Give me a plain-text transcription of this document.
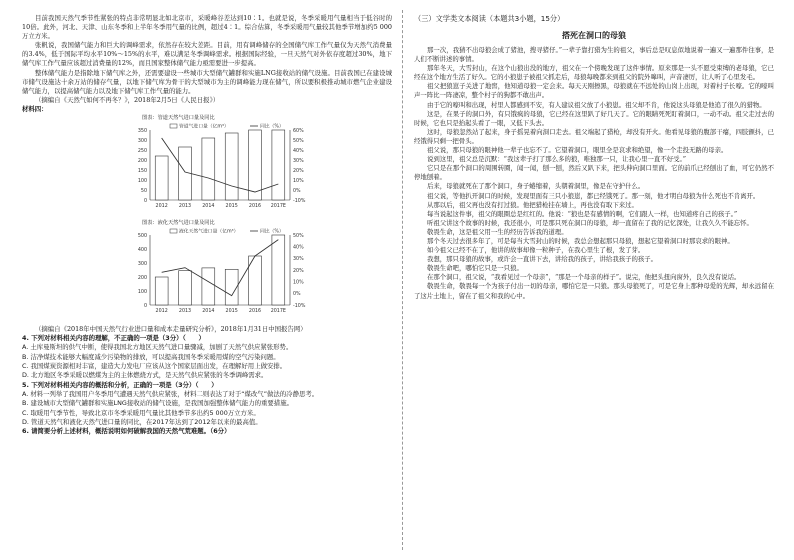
目前我国天然气季节性紧张的特点非常明显北如北京市，采暖峰谷差达到10∶1。也就是说，冬季采暖用气量相当于低谷时的10倍。此外，河北、天津、山东冬季和上半年冬季用气量的比例，超过4∶1。综合估算，冬季采暖用气量较其他季节增加约5 000万立方米。

张帆说，我国储气能力和巨大的调峰需求，依然存在较大差距。目前，用有调峰储存的全国储气库工作气量仅为天然气消费量的3.4%，低于国际平均水平10%～15%的水平，难以满足冬季调峰需求。根据国际经验，一旦天然气对外依存度超过30%，地下储气库工作气量应该超过消费量的12%，而且国家整体储气能力亟需要进一步提高。

整体储气能力是指除地下储气库之外，还需要建设一些城市大型储气罐群和实施LNG接收站的储气设施。目前我国已在建设城市储气设施达十余万站的储存气量，以地下储气库为骨干的大型城市为主的调峰能力现在储气，所以要积极推动城市燃气企业建设储气能力，以提高储气能力以及地下储气库工作气量的能力。

（摘编自《天然气如何不再冬？》，2018年2月5日《人民日报》）

材料四：

图表：管道天然气进口量及同比
0
50
100
150
200
250
300
350
-10%
0%
10%
20%
30%
40%
50%
60%
2012 2013 2014 2015 2016 2017E
管道气进口量（亿m³）	同比（%）
图表：液化天然气进口量及同比
0
100
200
300
400
500
-10%
0%
10%
20%
30%
40%
50%
2012 2013 2014 2015 2016 2017E
液化天然气进口量（亿m³）	同比（%）

（摘编自《2018年中国天然气行业进口量和成本走量研究分析》，2018年1月31日中国报告网）

4. 下列对材料相关内容的理解，不正确的一项是（3分）（　　）

A. 土库曼斯坦的供气中断，使得我国北方地区天然气进口量骤减，加剧了天然气供应紧张形势。

B. 洁净煤技术能够大幅度减少污染物的排放，可以提高我国冬季采暖用煤的空气污染问题。

C. 我国煤炭资源相对丰富，建造大力发电厂应该从这个国家层面出发，在理解好用上做安排。

D. 北方地区冬季采暖以燃煤为主的主体燃烧方式，是天然气供应紧张的冬季调峰需求。

5. 下列对材料相关内容的概括和分析，正确的一项是（3分）（　　）

A. 材料一列举了我国用户冬季用气遭遇天然气供应紧张，材料二则表达了对于“煤改气”做法的冷静思考。

B. 建设城市大型储气罐群和实施LNG接收站的储气设施，是我国加强整体储气能力的重要措施。

C. 取暖用气季节性，导致北京市冬季采暖用气量比其他季节多出约5 000万立方米。

D. 管道天然气和液化天然气进口量的同比，在2017年达到了2012年以来的最高值。

6. 请简要分析上述材料，概括说明如何破解我国的天然气荒难题。（6分）

（三）文学类文本阅读（本题共3小题，15分）

搭死在洞口的母狼

那一次，我猜不出母狼会成了猪池，搜寻猪仔。”一辈子靠打猎为生的祖父，事后总是叹息似地说着一遍又一遍那件往事，是人们不断讲述的事情。

那年冬天，大雪封山，在这个山狼出没的地方，祖父在一个傍晚发现了这件事情。原来那是一头不愿受束缚的老母狼，它已经在这个地方生活了好久。它的小狼崽子被祖父抓走后，母狼每晚都来到祖父的院外嗥叫，声音凄厉，让人听了心里发毛。

祖父把狼崽子关进了地窖，他知道母狼一定会来。每天天刚擦黑，母狼就在不远处的山岗上出现，对着村子长嚎。它的嚎叫声一阵比一阵凄凉，整个村子的狗都不敢出声。

由于它的嚎叫和出现，村里人都感到不安，有人建议祖父放了小狼崽。祖父却不肯，他说这头母狼是他追了很久的猎物。

这是，在果子的洞口外，有只饿疯的母狼，它已经在这里趴了好几天了。它的眼睛死死盯着洞口，一动不动。祖父走过去的时候，它也只是抬起头看了一眼，又低下头去。

这时，母狼忽然站了起来，身子摇晃着向洞口走去。祖父端起了猎枪，却没有开火。他看见母狼的腹部干瘪，四肢颤抖，已经饿得只剩一把骨头。

祖父说，那只母狼的眼神他一辈子也忘不了。它望着洞口，眼里全是哀求和绝望，像一个走投无路的母亲。

说到这里，祖父总是沉默：“我这辈子打了那么多的狼，唯独那一只，让我心里一直不好受。”

它只是在那个洞口的周围转圈，闻一闻，刨一刨，然后又趴下来，把头伸向洞口里面。它的前爪已经刨出了血，可它仍然不停地刨着。

后来，母狼就死在了那个洞口，身子蜷缩着，头朝着洞里，像是在守护什么。

祖父说，等他扒开洞口的时候，发现里面有三只小狼崽，都已经饿死了。那一刻，他才明白母狼为什么死也不肯离开。

从那以后，祖父再也没有打过狼。他把猎枪挂在墙上，再也没有取下来过。

每当说起这件事，祖父的眼圈总是红红的。他说：“狼也是有感情的啊，它们跟人一样，也知道疼自己的孩子。”

听祖父讲这个故事的时候，我还很小，可是那只死在洞口的母狼，却一直留在了我的记忆深处，让我久久不能忘怀。

敬畏生命，这是祖父用一生的经历告诉我的道理。

那个冬天过去很多年了，可是每当大雪封山的时候，我总会想起那只母狼，想起它望着洞口时那哀求的眼神。

如今祖父已经不在了，他讲的故事却像一粒种子，在我心里生了根，发了芽。

我想，那只母狼的故事，或许会一直讲下去，讲给我的孩子，讲给我孩子的孩子。

敬畏生命吧，哪怕它只是一只狼。

在那个洞口，祖父说，“我看见过一个母亲”，“那是一个母亲的样子”。说完，他把头扭向窗外，良久没有说话。

敬畏生命，敬畏每一个为孩子付出一切的母亲，哪怕它是一只狼。那头母狼死了，可是它身上那种母爱的光辉，却永远留在了这片土地上，留在了祖父和我的心中。
